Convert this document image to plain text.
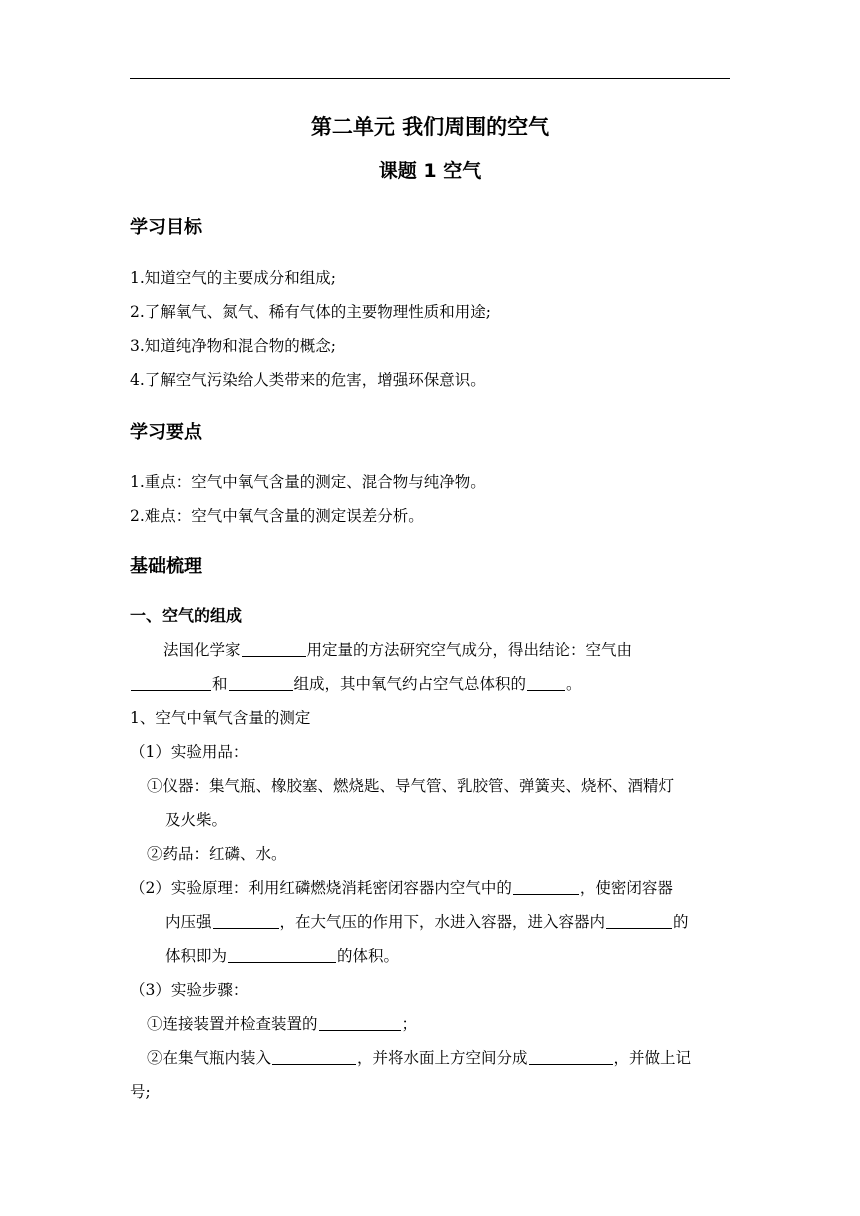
第二单元 我们周围的空气
课题 1 空气
学习目标
1.知道空气的主要成分和组成;
2.了解氧气、氮气、稀有气体的主要物理性质和用途;
3.知道纯净物和混合物的概念;
4.了解空气污染给人类带来的危害，增强环保意识。
学习要点
1.重点：空气中氧气含量的测定、混合物与纯净物。
2.难点：空气中氧气含量的测定误差分析。
基础梳理
一、空气的组成
法国化学家	用定量的方法研究空气成分，得出结论：空气由
和	组成，其中氧气约占空气总体积的	。
1、空气中氧气含量的测定
（1）实验用品：
①仪器：集气瓶、橡胶塞、燃烧匙、导气管、乳胶管、弹簧夹、烧杯、酒精灯
及火柴。
②药品：红磷、水。
（2）实验原理：利用红磷燃烧消耗密闭容器内空气中的	，使密闭容器
内压强	，在大气压的作用下，水进入容器，进入容器内	的
体积即为	的体积。
（3）实验步骤：
①连接装置并检查装置的	；
②在集气瓶内装入	，并将水面上方空间分成	，并做上记
号;
